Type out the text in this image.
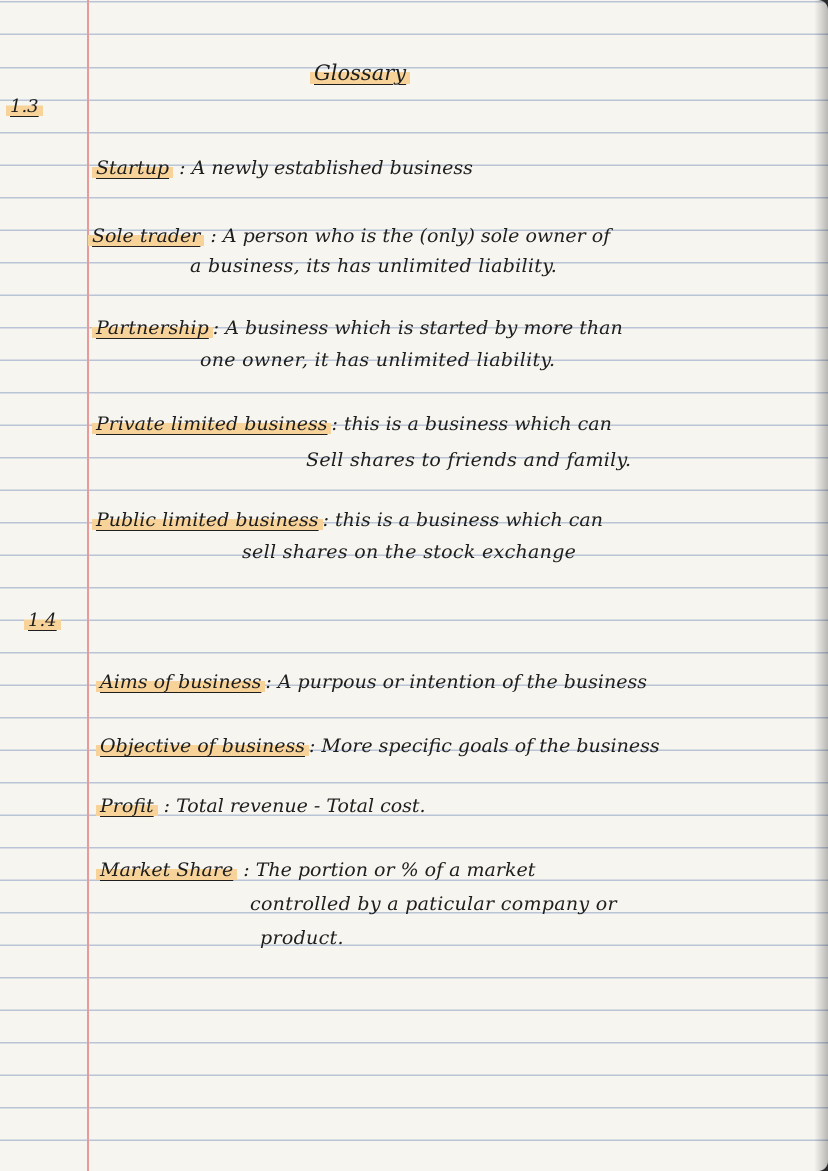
Glossary
1.3
1.4
Startup : A newly established business
Sole trader : A person who is the (only) sole owner of
a business, its has unlimited liability.
Partnership : A business which is started by more than
one owner, it has unlimited liability.
Private limited business : this is a business which can
Sell shares to friends and family.
Public limited business : this is a business which can
sell shares on the stock exchange
Aims of business : A purpous or intention of the business
Objective of business : More specific goals of the business
Profit : Total revenue - Total cost.
Market Share : The portion or % of a market
controlled by a paticular company or
product.
